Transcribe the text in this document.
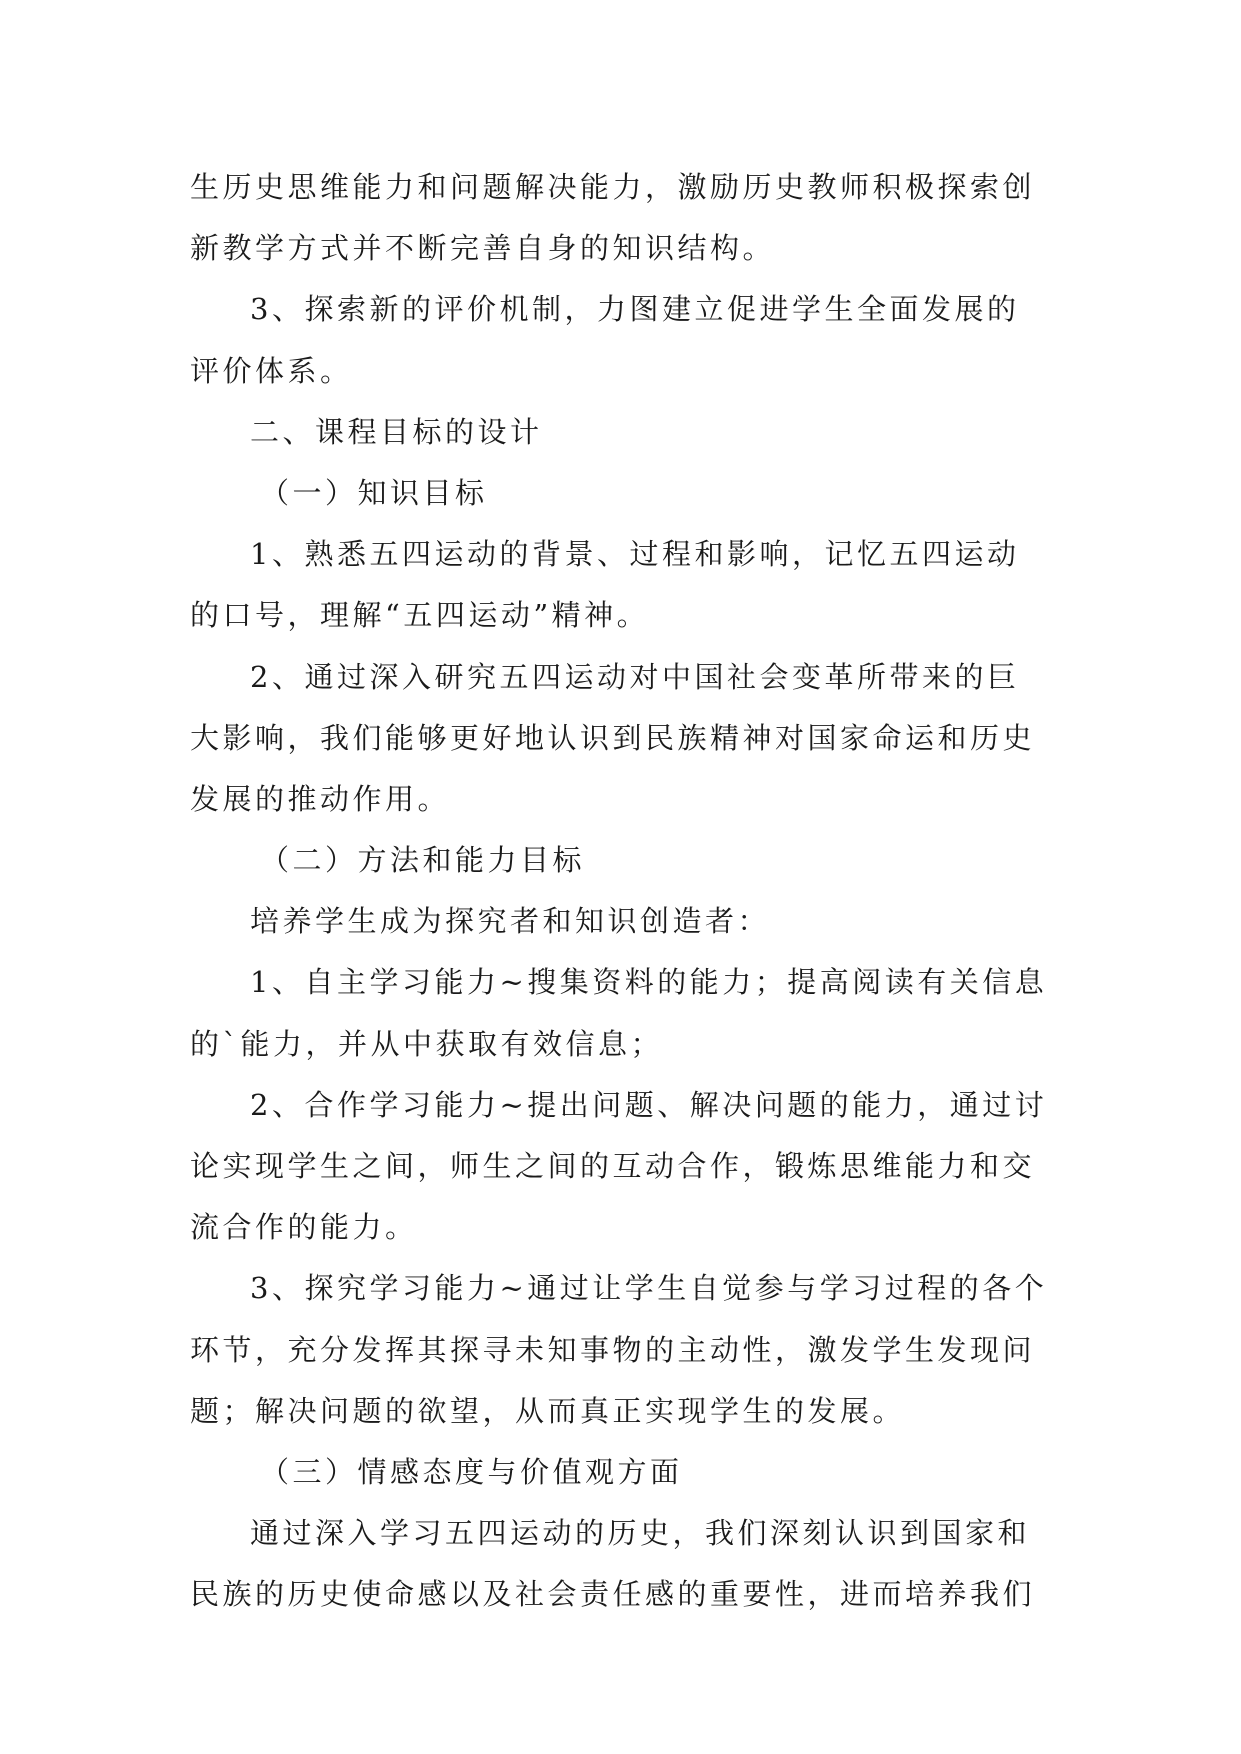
生历史思维能力和问题解决能力，激励历史教师积极探索创
新教学方式并不断完善自身的知识结构。
3、探索新的评价机制，力图建立促进学生全面发展的
评价体系。
二、课程目标的设计
（一）知识目标
1、熟悉五四运动的背景、过程和影响，记忆五四运动
的口号，理解“五四运动”精神。
2、通过深入研究五四运动对中国社会变革所带来的巨
大影响，我们能够更好地认识到民族精神对国家命运和历史
发展的推动作用。
（二）方法和能力目标
培养学生成为探究者和知识创造者：
1、自主学习能力~搜集资料的能力；提高阅读有关信息
的`能力，并从中获取有效信息；
2、合作学习能力~提出问题、解决问题的能力，通过讨
论实现学生之间，师生之间的互动合作，锻炼思维能力和交
流合作的能力。
3、探究学习能力~通过让学生自觉参与学习过程的各个
环节，充分发挥其探寻未知事物的主动性，激发学生发现问
题；解决问题的欲望，从而真正实现学生的发展。
（三）情感态度与价值观方面
通过深入学习五四运动的历史，我们深刻认识到国家和
民族的历史使命感以及社会责任感的重要性，进而培养我们
